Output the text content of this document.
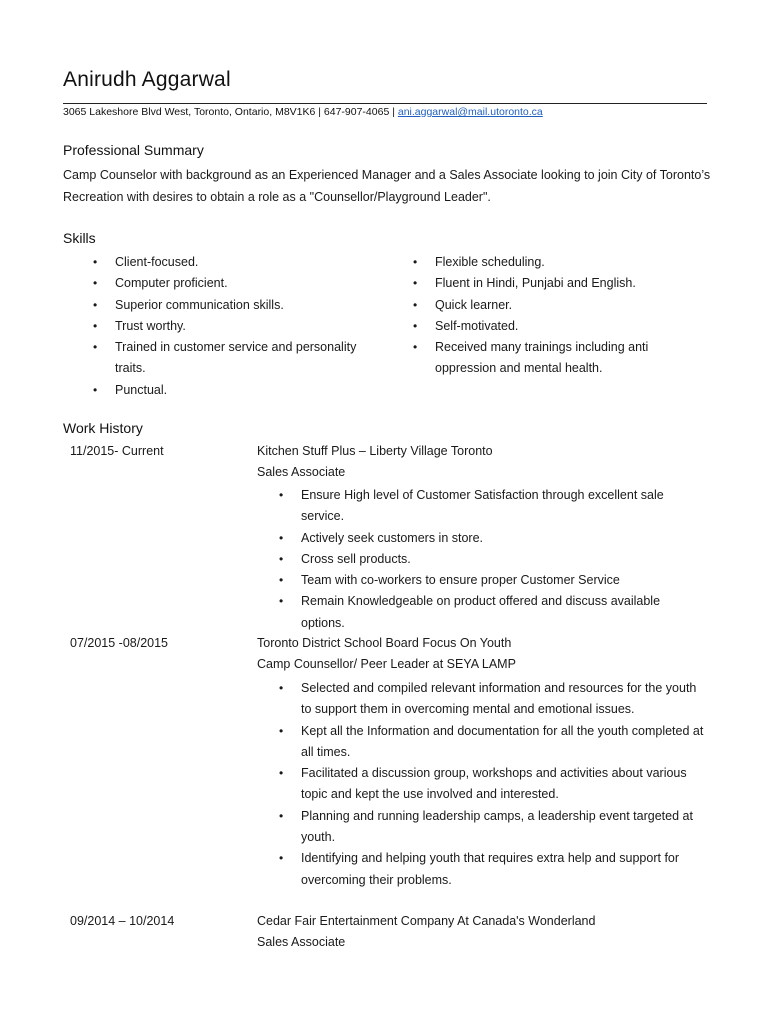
Anirudh Aggarwal
3065 Lakeshore Blvd West, Toronto, Ontario, M8V1K6 | 647-907-4065 | ani.aggarwal@mail.utoronto.ca
Professional Summary

Camp Counselor with background as an Experienced Manager and a Sales Associate looking to join City of Toronto’s Recreation with desires to obtain a role as a "Counsellor/Playground Leader".

Skills
• Client-focused.
• Computer proficient.
• Superior communication skills.
• Trust worthy.
• Trained in customer service and personality traits.
• Punctual.
• Flexible scheduling.
• Fluent in Hindi, Punjabi and English.
• Quick learner.
• Self-motivated.
• Received many trainings including anti oppression and mental health.
Work History
11/2015- Current	Kitchen Stuff Plus – Liberty Village Toronto
Sales Associate
• Ensure High level of Customer Satisfaction through excellent sale service.
• Actively seek customers in store.
• Cross sell products.
• Team with co-workers to ensure proper Customer Service
• Remain Knowledgeable on product offered and discuss available options.
07/2015 -08/2015	Toronto District School Board Focus On Youth
Camp Counsellor/ Peer Leader at SEYA LAMP
• Selected and compiled relevant information and resources for the youth to support them in overcoming mental and emotional issues.
• Kept all the Information and documentation for all the youth completed at all times.
• Facilitated a discussion group, workshops and activities about various topic and kept the use involved and interested.
• Planning and running leadership camps, a leadership event targeted at youth.
• Identifying and helping youth that requires extra help and support for overcoming their problems.
09/2014 – 10/2014	Cedar Fair Entertainment Company At Canada's Wonderland
Sales Associate
